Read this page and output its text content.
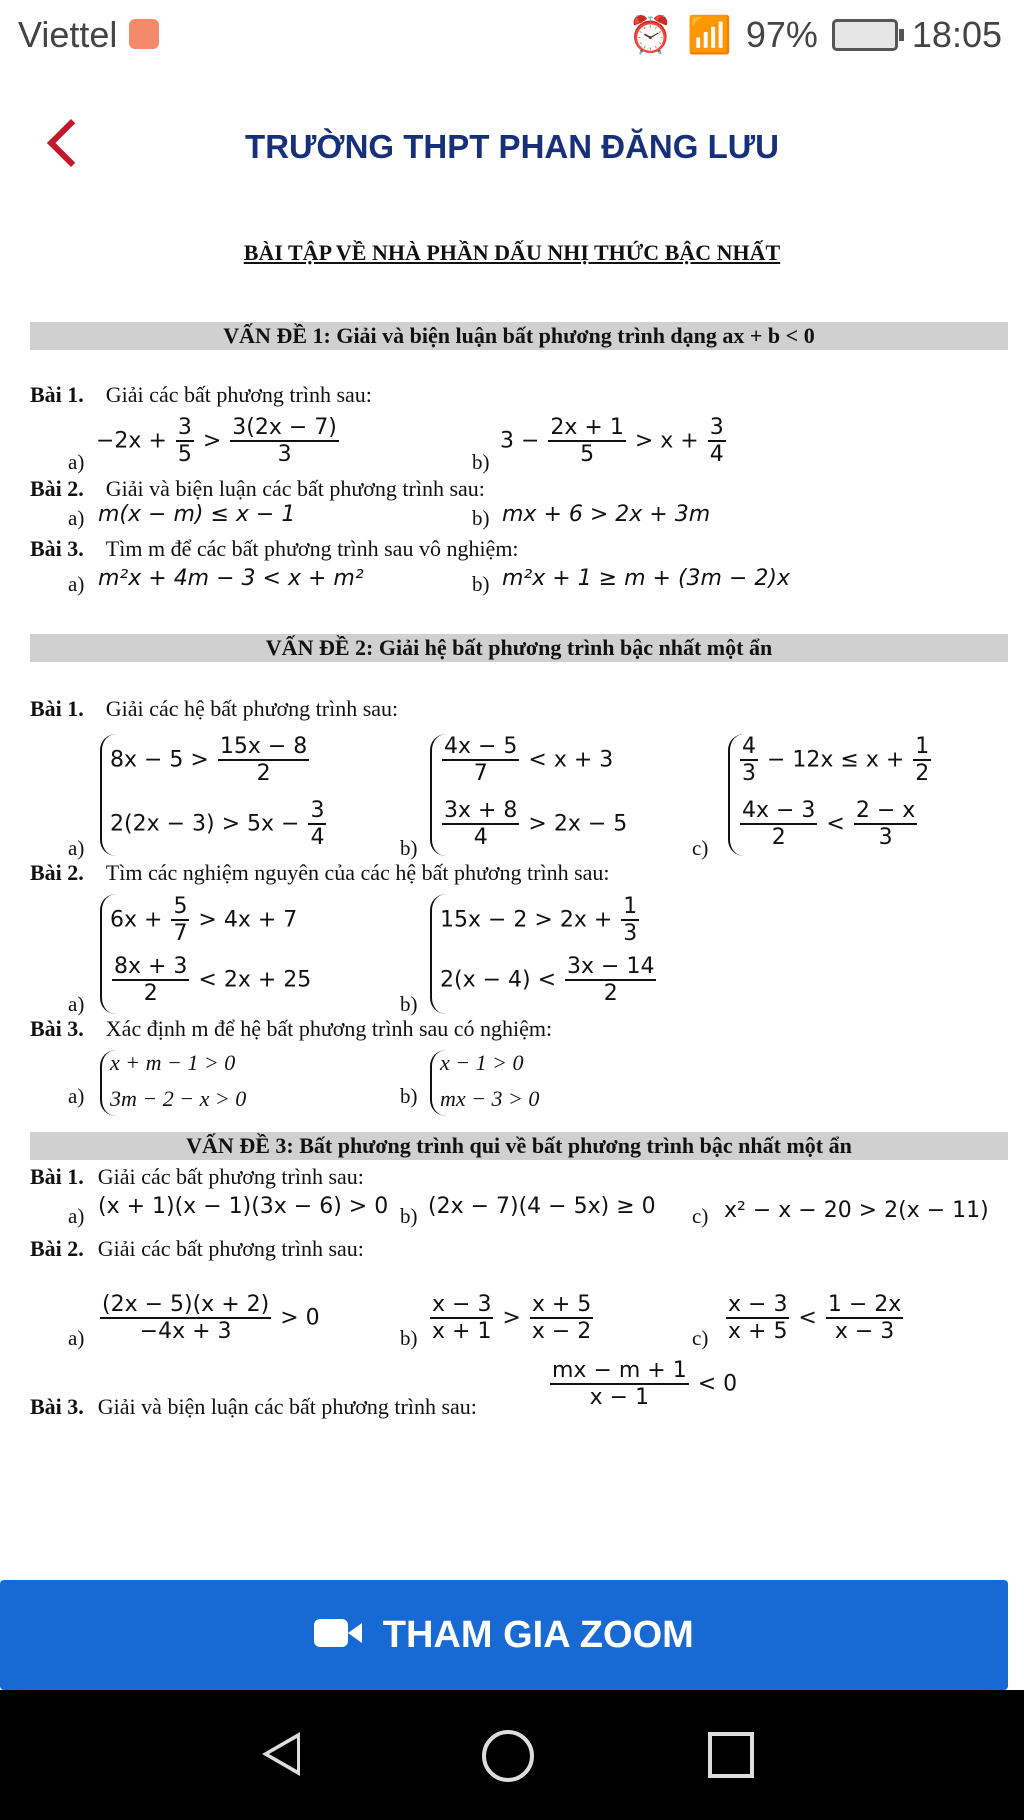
Viettel	⏰ 📶 97%	18:05
TRƯỜNG THPT PHAN ĐĂNG LƯU
BÀI TẬP VỀ NHÀ PHẦN DẤU NHỊ THỨC BẬC NHẤT
VẤN ĐỀ 1: Giải và biện luận bất phương trình dạng ax + b < 0
Bài 1. Giải các bất phương trình sau:
a)
$-2x + \frac{3}{5} > \frac{3(2x - 7)}{3}$	b)
$3 - \frac{2x + 1}{5} > x + \frac{3}{4}$
Bài 2. Giải và biện luận các bất phương trình sau:
a) m(x − m) ≤ x − 1	b) mx + 6 > 2x + 3m
Bài 3. Tìm m để các bất phương trình sau vô nghiệm:
a) m²x + 4m − 3 < x + m²	b) m²x + 1 ≥ m + (3m − 2)x
VẤN ĐỀ 2: Giải hệ bất phương trình bậc nhất một ẩn
Bài 1. Giải các hệ bất phương trình sau:
a)
$8x - 5 > \frac{15x - 8}{2}$
$2(2x - 3) > 5x - \frac{3}{4}$	b)
$\frac{4x - 5}{7} < x + 3$
$\frac{3x + 8}{4} > 2x - 5$
c)
$\frac{4}{3} - 12x \le x + \frac{1}{2}$
$\frac{4x - 3}{2} < \frac{2 - x}{3}$
Bài 2. Tìm các nghiệm nguyên của các hệ bất phương trình sau:
a)
$6x + \frac{5}{7} > 4x + 7$
$\frac{8x + 3}{2} < 2x + 25$
b)
$15x - 2 > 2x + \frac{1}{3}$
$2(x - 4) < \frac{3x - 14}{2}$
Bài 3. Xác định m để hệ bất phương trình sau có nghiệm:
a)
x + m − 1 > 0
3m − 2 − x > 0	b)
x − 1 > 0
mx − 3 > 0
VẤN ĐỀ 3: Bất phương trình qui về bất phương trình bậc nhất một ẩn
Bài 1. Giải các bất phương trình sau:
a) (x + 1)(x − 1)(3x − 6) > 0 b) (2x − 7)(4 − 5x) ≥ 0 c) x² − x − 20 > 2(x − 11)
Bài 2. Giải các bất phương trình sau:
$a) \frac{(2x - 5)(x + 2)}{-4x + 3} > 0$
$b) \frac{x - 3}{x + 1} > \frac{x + 5}{x - 2}$	$c) \frac{x - 3}{x + 5} < \frac{1 - 2x}{x - 3}$
Bài 3. Giải và biện luận các bất phương trình sau:	$\frac{mx - m + 1}{x - 1} < 0$
THAM GIA ZOOM
